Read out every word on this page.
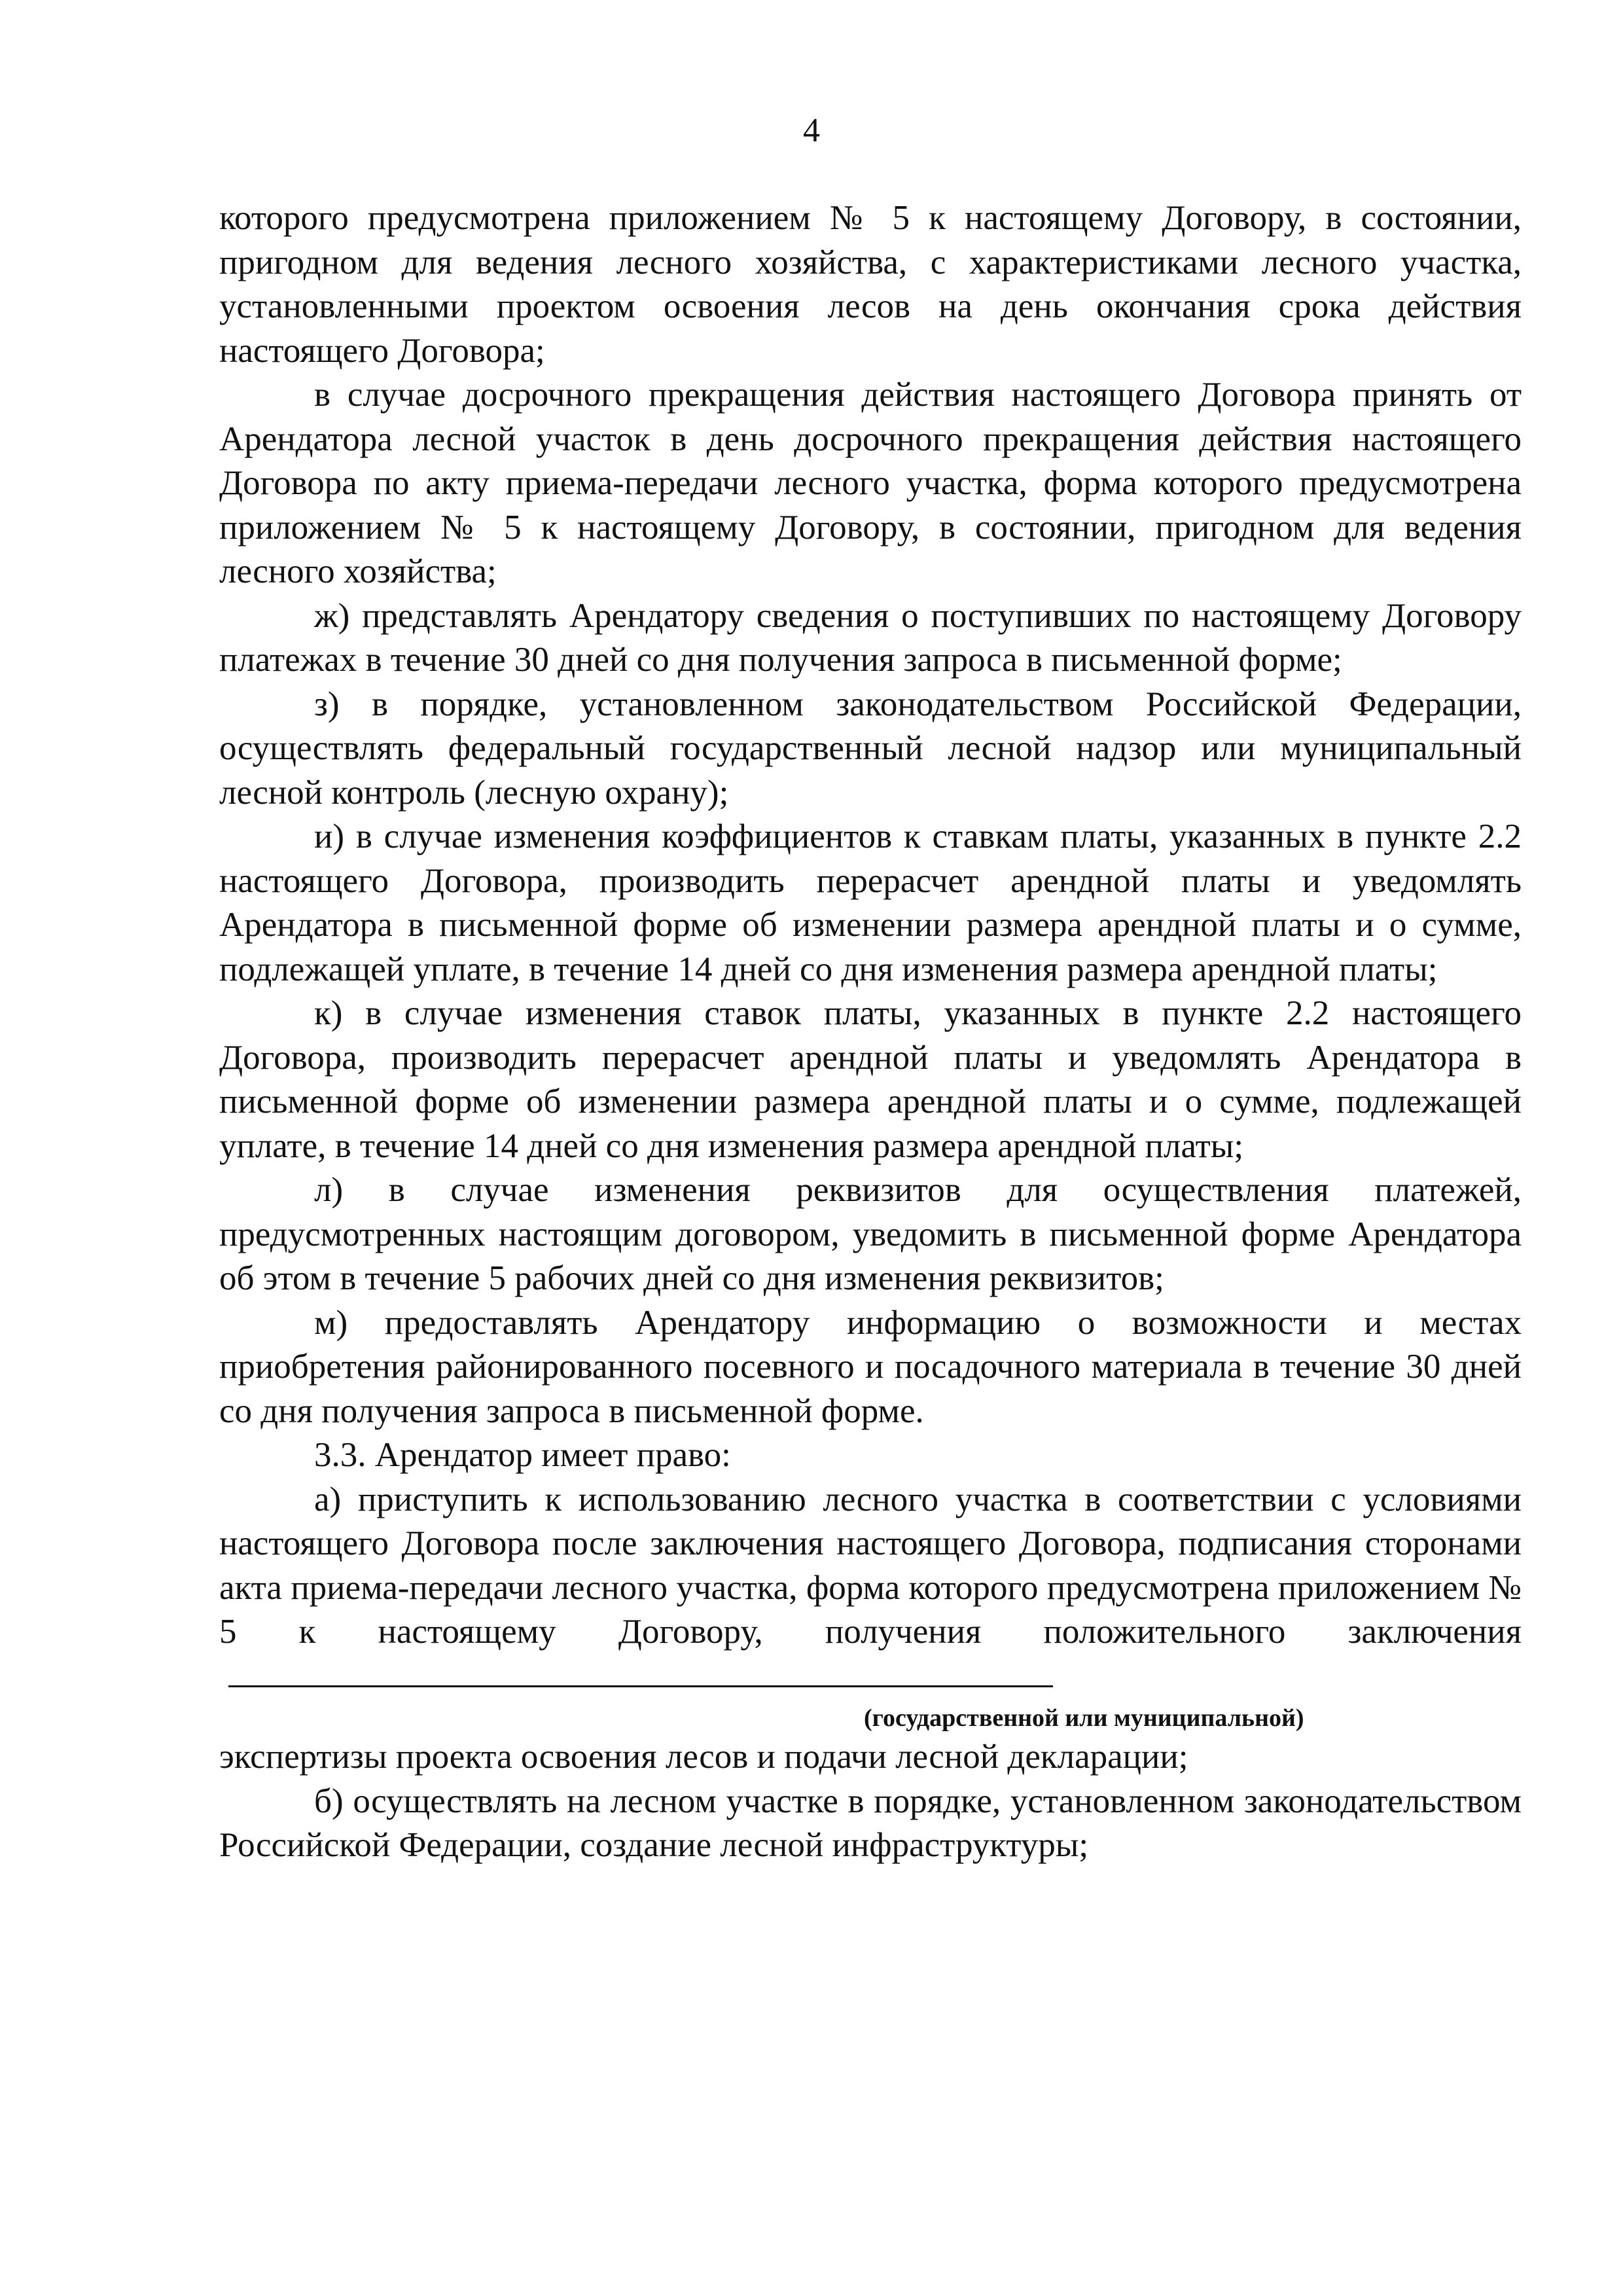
4

которого предусмотрена приложением № 5 к настоящему Договору, в состоянии, пригодном для ведения лесного хозяйства, с характеристиками лесного участка, установленными проектом освоения лесов на день окончания срока действия настоящего Договора;

в случае досрочного прекращения действия настоящего Договора принять от Арендатора лесной участок в день досрочного прекращения действия настоящего Договора по акту приема-передачи лесного участка, форма которого предусмотрена приложением № 5 к настоящему Договору, в состоянии, пригодном для ведения лесного хозяйства;

ж) представлять Арендатору сведения о поступивших по настоящему Договору платежах в течение 30 дней со дня получения запроса в письменной форме;

з) в порядке, установленном законодательством Российской Федерации, осуществлять федеральный государственный лесной надзор или муниципальный лесной контроль (лесную охрану);

и) в случае изменения коэффициентов к ставкам платы, указанных в пункте 2.2 настоящего Договора, производить перерасчет арендной платы и уведомлять Арендатора в письменной форме об изменении размера арендной платы и о сумме, подлежащей уплате, в течение 14 дней со дня изменения размера арендной платы;

к) в случае изменения ставок платы, указанных в пункте 2.2 настоящего Договора, производить перерасчет арендной платы и уведомлять Арендатора в письменной форме об изменении размера арендной платы и о сумме, подлежащей уплате, в течение 14 дней со дня изменения размера арендной платы;

л) в случае изменения реквизитов для осуществления платежей, предусмотренных настоящим договором, уведомить в письменной форме Арендатора об этом в течение 5 рабочих дней со дня изменения реквизитов;

м) предоставлять Арендатору информацию о возможности и местах приобретения районированного посевного и посадочного материала в течение 30 дней со дня получения запроса в письменной форме.

3.3. Арендатор имеет право:

а) приступить к использованию лесного участка в соответствии с условиями настоящего Договора после заключения настоящего Договора, подписания сторонами акта приема-передачи лесного участка, форма которого предусмотрена приложением № 5 к настоящему Договору, получения положительного заключения

(государственной или муниципальной)

экспертизы проекта освоения лесов и подачи лесной декларации;

б) осуществлять на лесном участке в порядке, установленном законодательством Российской Федерации, создание лесной инфраструктуры;
